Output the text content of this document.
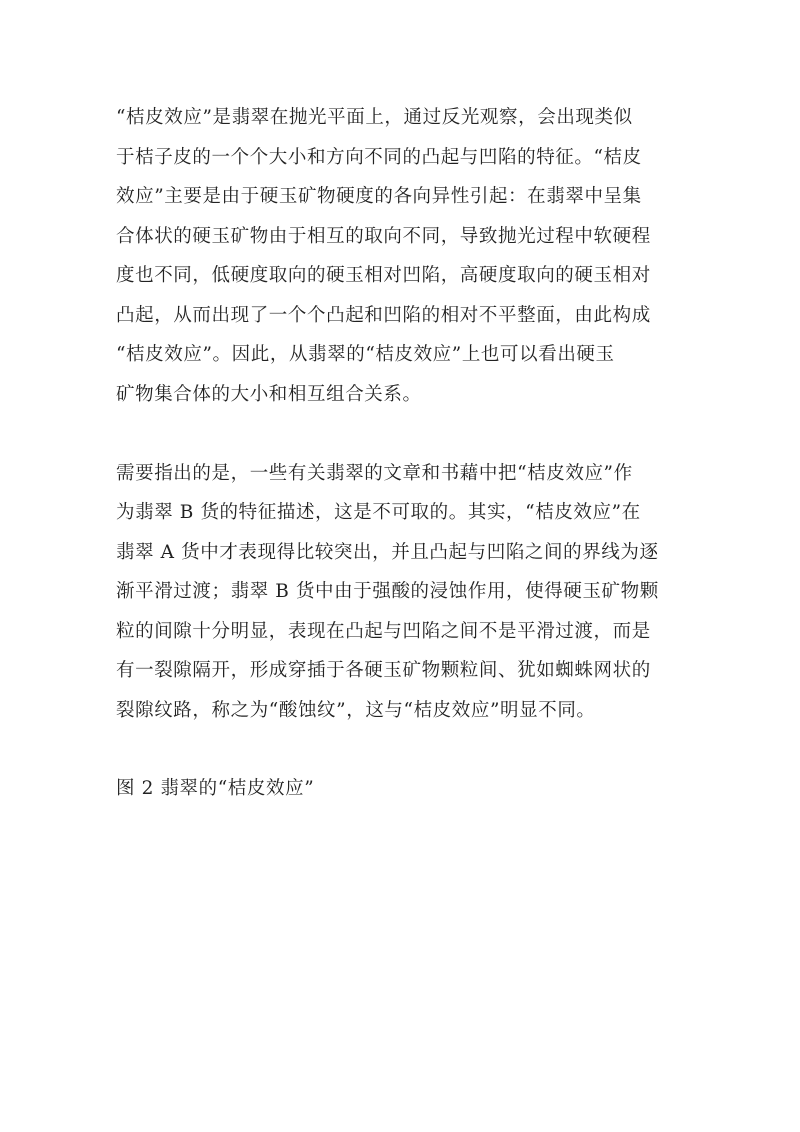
“桔皮效应”是翡翠在抛光平面上，通过反光观察，会出现类似
于桔子皮的一个个大小和方向不同的凸起与凹陷的特征。“桔皮
效应”主要是由于硬玉矿物硬度的各向异性引起：在翡翠中呈集
合体状的硬玉矿物由于相互的取向不同，导致抛光过程中软硬程
度也不同，低硬度取向的硬玉相对凹陷，高硬度取向的硬玉相对
凸起，从而出现了一个个凸起和凹陷的相对不平整面，由此构成
“桔皮效应”。因此，从翡翠的“桔皮效应”上也可以看出硬玉
矿物集合体的大小和相互组合关系。
需要指出的是，一些有关翡翠的文章和书藉中把“桔皮效应”作
为翡翠 B 货的特征描述，这是不可取的。其实，“桔皮效应”在
翡翠 A 货中才表现得比较突出，并且凸起与凹陷之间的界线为逐
渐平滑过渡；翡翠 B 货中由于强酸的浸蚀作用，使得硬玉矿物颗
粒的间隙十分明显，表现在凸起与凹陷之间不是平滑过渡，而是
有一裂隙隔开，形成穿插于各硬玉矿物颗粒间、犹如蜘蛛网状的
裂隙纹路，称之为“酸蚀纹”，这与“桔皮效应”明显不同。
图 2 翡翠的“桔皮效应”
